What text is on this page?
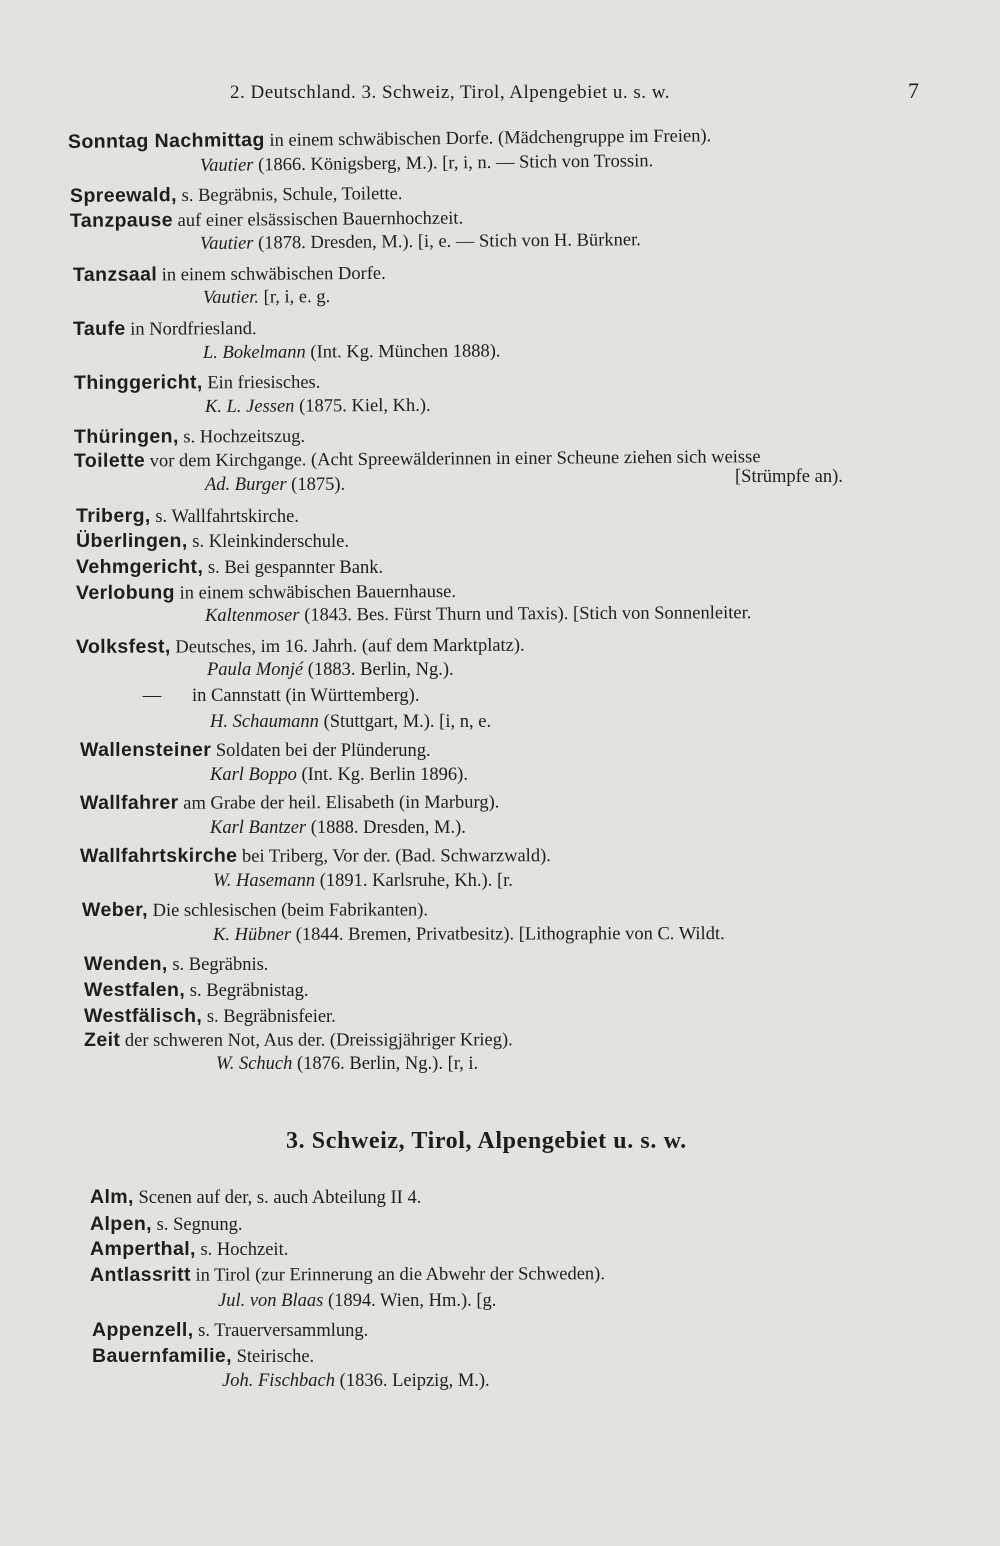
2. Deutschland. 3. Schweiz, Tirol, Alpengebiet u. s. w.	7
Sonntag Nachmittag in einem schwäbischen Dorfe. (Mädchengruppe im Freien).
Vautier (1866. Königsberg, M.). [r, i, n. — Stich von Trossin.
Spreewald, s. Begräbnis, Schule, Toilette.
Tanzpause auf einer elsässischen Bauernhochzeit.
Vautier (1878. Dresden, M.). [i, e. — Stich von H. Bürkner.
Tanzsaal in einem schwäbischen Dorfe.
Vautier. [r, i, e. g.
Taufe in Nordfriesland.
L. Bokelmann (Int. Kg. München 1888).
Thinggericht, Ein friesisches.
K. L. Jessen (1875. Kiel, Kh.).
Thüringen, s. Hochzeitszug.
Toilette vor dem Kirchgange. (Acht Spreewälderinnen in einer Scheune ziehen sich weisse
Ad. Burger (1875).	[Strümpfe an).
Triberg, s. Wallfahrtskirche.
Überlingen, s. Kleinkinderschule.
Vehmgericht, s. Bei gespannter Bank.
Verlobung in einem schwäbischen Bauernhause.
Kaltenmoser (1843. Bes. Fürst Thurn und Taxis). [Stich von Sonnenleiter.
Volksfest, Deutsches, im 16. Jahrh. (auf dem Marktplatz).
Paula Monjé (1883. Berlin, Ng.).
— in Cannstatt (in Württemberg).
H. Schaumann (Stuttgart, M.). [i, n, e.
Wallensteiner Soldaten bei der Plünderung.
Karl Boppo (Int. Kg. Berlin 1896).
Wallfahrer am Grabe der heil. Elisabeth (in Marburg).
Karl Bantzer (1888. Dresden, M.).
Wallfahrtskirche bei Triberg, Vor der. (Bad. Schwarzwald).
W. Hasemann (1891. Karlsruhe, Kh.). [r.
Weber, Die schlesischen (beim Fabrikanten).
K. Hübner (1844. Bremen, Privatbesitz). [Lithographie von C. Wildt.
Wenden, s. Begräbnis.
Westfalen, s. Begräbnistag.
Westfälisch, s. Begräbnisfeier.
Zeit der schweren Not, Aus der. (Dreissigjähriger Krieg).
W. Schuch (1876. Berlin, Ng.). [r, i.
3. Schweiz, Tirol, Alpengebiet u. s. w.
Alm, Scenen auf der, s. auch Abteilung II 4.
Alpen, s. Segnung.
Amperthal, s. Hochzeit.
Antlassritt in Tirol (zur Erinnerung an die Abwehr der Schweden).
Jul. von Blaas (1894. Wien, Hm.). [g.
Appenzell, s. Trauerversammlung.
Bauernfamilie, Steirische.
Joh. Fischbach (1836. Leipzig, M.).
